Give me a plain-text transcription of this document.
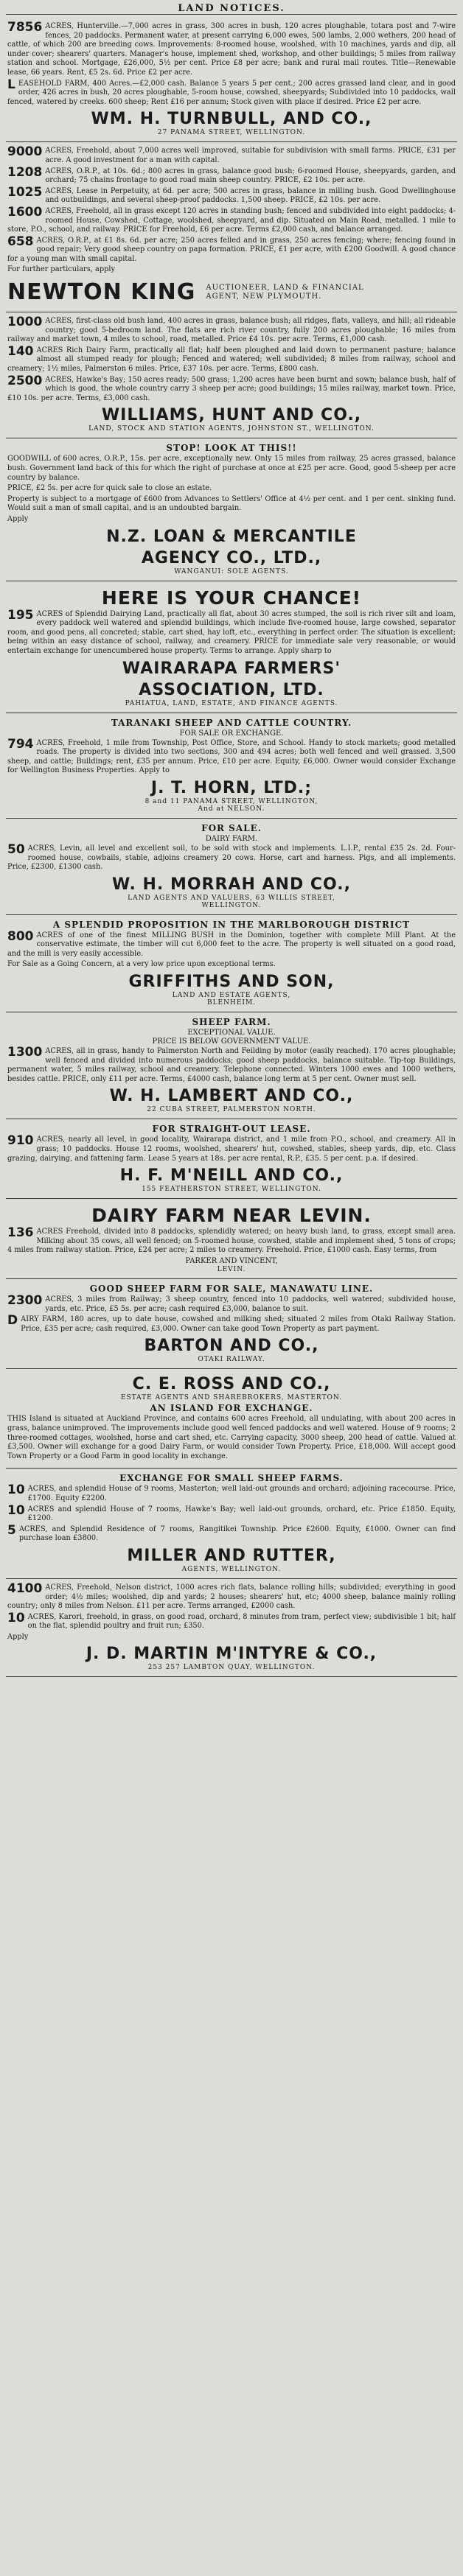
LAND NOTICES.
7856 ACRES, Hunterville.—7,000 acres in grass, 300 acres in bush, 120 acres ploughable, totara post and 7-wire fences, 20 paddocks. Permanent water, at present carrying 6,000 ewes, 500 lambs, 2,000 wethers, 200 head of cattle, of which 200 are breeding cows. Improvements: 8-roomed house, woolshed, with 10 machines, yards and dip, all under cover; shearers' quarters. Manager's house, implement shed, workshop, and other buildings; 5 miles from railway station and school. Mortgage, £26,000, 5½ per cent. Price £8 per acre; bank and rural mail routes. Title—Renewable lease, 66 years. Rent, £5 2s. 6d. Price £2 per acre.
LEASEHOLD FARM, 400 Acres.—£2,000 cash. Balance 5 years 5 per cent.; 200 acres grassed land clear, and in good order, 426 acres in bush, 20 acres ploughable, 5-room house, cowshed, sheepyards; Subdivided into 10 paddocks, wall fenced, watered by creeks. 600 sheep; Rent £16 per annum; Stock given with place if desired. Price £2 per acre.
WM. H. TURNBULL, AND CO.,
27 PANAMA STREET, WELLINGTON.
9000 ACRES, Freehold, about 7,000 acres well improved, suitable for subdivision with small farms. PRICE, £31 per acre. A good investment for a man with capital.
1208 ACRES, O.R.P., at 10s. 6d.; 800 acres in grass, balance good bush; 6-roomed House, sheepyards, garden, and orchard; 75 chains frontage to good road main sheep country. PRICE, £2 10s. per acre.
1025 ACRES, Lease in Perpetuity, at 6d. per acre; 500 acres in grass, balance in milling bush. Good Dwellinghouse and outbuildings, and several sheep-proof paddocks. 1,500 sheep. PRICE, £2 10s. per acre.
1600 ACRES, Freehold, all in grass except 120 acres in standing bush; fenced and subdivided into eight paddocks; 4-roomed House, Cowshed, Cottage, woolshed, sheepyard, and dip. Situated on Main Road, metalled. 1 mile to store, P.O., school, and railway. PRICE for Freehold, £6 per acre. Terms £2,000 cash, and balance arranged.
658 ACRES, O.R.P., at £1 8s. 6d. per acre; 250 acres felled and in grass, 250 acres fencing; where; fencing found in good repair; Very good sheep country on papa formation. PRICE, £1 per acre, with £200 Goodwill. A good chance for a young man with small capital.
For further particulars, apply
NEWTON KING AUCTIONEER, LAND & FINANCIAL
AGENT, NEW PLYMOUTH.
1000 ACRES, first-class old bush land, 400 acres in grass, balance bush; all ridges, flats, valleys, and hill; all rideable country; good 5-bedroom land. The flats are rich river country, fully 200 acres ploughable; 16 miles from railway and market town, 4 miles to school, road, metalled. Price £4 10s. per acre. Terms, £1,000 cash.
140 ACRES Rich Dairy Farm, practically all flat; half been ploughed and laid down to permanent pasture; balance almost all stumped ready for plough; Fenced and watered; well subdivided; 8 miles from railway, school and creamery; 1½ miles, Palmerston 6 miles. Price, £37 10s. per acre. Terms, £800 cash.
2500 ACRES, Hawke's Bay; 150 acres ready; 500 grass; 1,200 acres have been burnt and sown; balance bush, half of which is good, the whole country carry 3 sheep per acre; good buildings; 15 miles railway, market town. Price, £10 10s. per acre. Terms, £3,000 cash.
WILLIAMS, HUNT AND CO.,
LAND, STOCK AND STATION AGENTS, JOHNSTON ST., WELLINGTON.
STOP! LOOK AT THIS!!
GOODWILL of 600 acres, O.R.P., 15s. per acre, exceptionally new. Only 15 miles from railway, 25 acres grassed, balance bush. Government land back of this for which the right of purchase at once at £25 per acre. Good, good 5-sheep per acre country by balance.
PRICE, £2 5s. per acre for quick sale to close an estate.
Property is subject to a mortgage of £600 from Advances to Settlers' Office at 4½ per cent. and 1 per cent. sinking fund. Would suit a man of small capital, and is an undoubted bargain.
Apply
N.Z. LOAN & MERCANTILE
AGENCY CO., LTD.,
WANGANUI: SOLE AGENTS.
HERE IS YOUR CHANCE!
195 ACRES of Splendid Dairying Land, practically all flat, about 30 acres stumped, the soil is rich river silt and loam, every paddock well watered and splendid buildings, which include five-roomed house, large cowshed, separator room, and good pens, all concreted; stable, cart shed, hay loft, etc., everything in perfect order. The situation is excellent; being within an easy distance of school, railway, and creamery. PRICE for immediate sale very reasonable, or would entertain exchange for unencumbered house property. Terms to arrange. Apply sharp to
WAIRARAPA FARMERS'
ASSOCIATION, LTD.
PAHIATUA, LAND, ESTATE, AND FINANCE AGENTS.
TARANAKI SHEEP AND CATTLE COUNTRY.
FOR SALE OR EXCHANGE.
794 ACRES, Freehold, 1 mile from Township, Post Office, Store, and School. Handy to stock markets; good metalled roads. The property is divided into two sections, 300 and 494 acres; both well fenced and well grassed. 3,500 sheep, and cattle; Buildings; rent, £35 per annum. Price, £10 per acre. Equity, £6,000. Owner would consider Exchange for Wellington Business Properties. Apply to
J. T. HORN, LTD.;
8 and 11 PANAMA STREET, WELLINGTON,
And at NELSON.
FOR SALE.
DAIRY FARM.
50 ACRES, Levin, all level and excellent soil, to be sold with stock and implements. L.I.P., rental £35 2s. 2d. Four-roomed house, cowbails, stable, adjoins creamery 20 cows. Horse, cart and harness. Pigs, and all implements. Price, £2300, £1300 cash.
W. H. MORRAH AND CO.,
LAND AGENTS AND VALUERS, 63 WILLIS STREET,
WELLINGTON.
A SPLENDID PROPOSITION IN THE MARLBOROUGH DISTRICT
800 ACRES of one of the finest MILLING BUSH in the Dominion, together with complete Mill Plant. At the conservative estimate, the timber will cut 6,000 feet to the acre. The property is well situated on a good road, and the mill is very easily accessible.
For Sale as a Going Concern, at a very low price upon exceptional terms.
GRIFFITHS AND SON,
LAND AND ESTATE AGENTS,
BLENHEIM.
SHEEP FARM.
EXCEPTIONAL VALUE.
PRICE IS BELOW GOVERNMENT VALUE.
1300 ACRES, all in grass, handy to Palmerston North and Feilding by motor (easily reached). 170 acres ploughable; well fenced and divided into numerous paddocks; good sheep paddocks, balance suitable. Tip-top Buildings, permanent water, 5 miles railway, school and creamery. Telephone connected. Winters 1000 ewes and 1000 wethers, besides cattle. PRICE, only £11 per acre. Terms, £4000 cash, balance long term at 5 per cent. Owner must sell.
W. H. LAMBERT AND CO.,
22 CUBA STREET, PALMERSTON NORTH.
FOR STRAIGHT-OUT LEASE.
910 ACRES, nearly all level, in good locality, Wairarapa district, and 1 mile from P.O., school, and creamery. All in grass; 10 paddocks. House 12 rooms, woolshed, shearers' hut, cowshed, stables, sheep yards, dip, etc. Class grazing, dairying, and fattening farm. Lease 5 years at 18s. per acre rental, R.P., £35. 5 per cent. p.a. if desired.
H. F. M'NEILL AND CO.,
155 FEATHERSTON STREET, WELLINGTON.
DAIRY FARM NEAR LEVIN.
136 ACRES Freehold, divided into 8 paddocks, splendidly watered; on heavy bush land, to grass, except small area. Milking about 35 cows, all well fenced; on 5-roomed house, cowshed, stable and implement shed, 5 tons of crops; 4 miles from railway station. Price, £24 per acre; 2 miles to creamery. Freehold. Price, £1000 cash. Easy terms, from
PARKER AND VINCENT,
LEVIN.
GOOD SHEEP FARM FOR SALE, MANAWATU LINE.
2300 ACRES, 3 miles from Railway; 3 sheep country, fenced into 10 paddocks, well watered; subdivided house, yards, etc. Price, £5 5s. per acre; cash required £3,000, balance to suit.
DAIRY FARM, 180 acres, up to date house, cowshed and milking shed; situated 2 miles from Otaki Railway Station. Price, £35 per acre; cash required, £3,000. Owner can take good Town Property as part payment.
BARTON AND CO.,
OTAKI RAILWAY.
C. E. ROSS AND CO.,
ESTATE AGENTS AND SHAREBROKERS, MASTERTON.
AN ISLAND FOR EXCHANGE.
THIS Island is situated at Auckland Province, and contains 600 acres Freehold, all undulating, with about 200 acres in grass, balance unimproved. The improvements include good well fenced paddocks and well watered. House of 9 rooms; 2 three-roomed cottages, woolshed, horse and cart shed, etc. Carrying capacity, 3000 sheep, 200 head of cattle. Valued at £3,500. Owner will exchange for a good Dairy Farm, or would consider Town Property. Price, £18,000. Will accept good Town Property or a Good Farm in good locality in exchange.
EXCHANGE FOR SMALL SHEEP FARMS.
10 ACRES, and splendid House of 9 rooms, Masterton; well laid-out grounds and orchard; adjoining racecourse. Price, £1700. Equity £2200.
10 ACRES and splendid House of 7 rooms, Hawke's Bay; well laid-out grounds, orchard, etc. Price £1850. Equity, £1200.
5 ACRES, and Splendid Residence of 7 rooms, Rangitikei Township. Price £2600. Equity, £1000. Owner can find purchase loan £3800.
MILLER AND RUTTER,
AGENTS, WELLINGTON.
4100 ACRES, Freehold, Nelson district, 1000 acres rich flats, balance rolling hills; subdivided; everything in good order; 4½ miles; woolshed, dip and yards; 2 houses; shearers' hut, etc; 4000 sheep, balance mainly rolling country; only 8 miles from Nelson. £11 per acre. Terms arranged, £2000 cash.
10 ACRES, Karori, freehold, in grass, on good road, orchard, 8 minutes from tram, perfect view; subdivisible 1 bit; half on the flat, splendid poultry and fruit run; £350.
Apply
J. D. MARTIN M'INTYRE & CO.,
253 257 LAMBTON QUAY, WELLINGTON.
